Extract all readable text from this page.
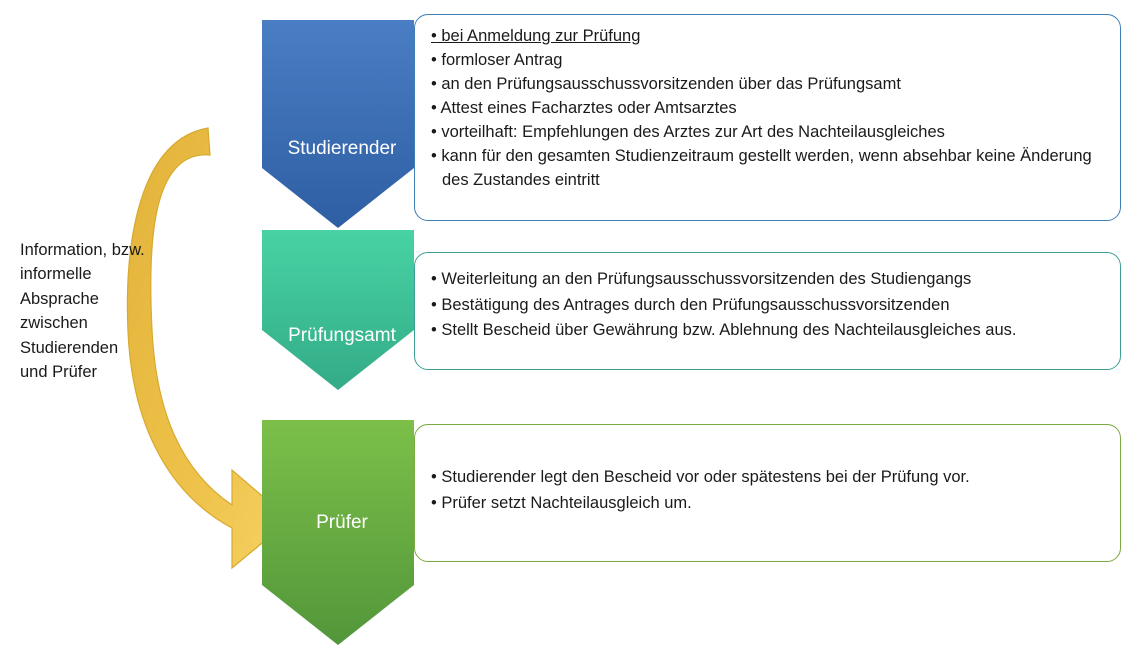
Information, bzw. informelle Absprache zwischen Studierenden und Prüfer
Studierender
Prüfungsamt
Prüfer
• bei Anmeldung zur Prüfung
• formloser Antrag
• an den Prüfungsausschussvorsitzenden über das Prüfungsamt
• Attest eines Facharztes oder Amtsarztes
• vorteilhaft: Empfehlungen des Arztes zur Art des Nachteilausgleiches
• kann für den gesamten Studienzeitraum gestellt werden, wenn absehbar keine Änderung des Zustandes eintritt
• Weiterleitung an den Prüfungsausschussvorsitzenden des Studiengangs
• Bestätigung des Antrages durch den Prüfungsausschussvorsitzenden
• Stellt Bescheid über Gewährung bzw. Ablehnung des Nachteilausgleiches aus.
• Studierender legt den Bescheid vor oder spätestens bei der Prüfung vor.
• Prüfer setzt Nachteilausgleich um.
